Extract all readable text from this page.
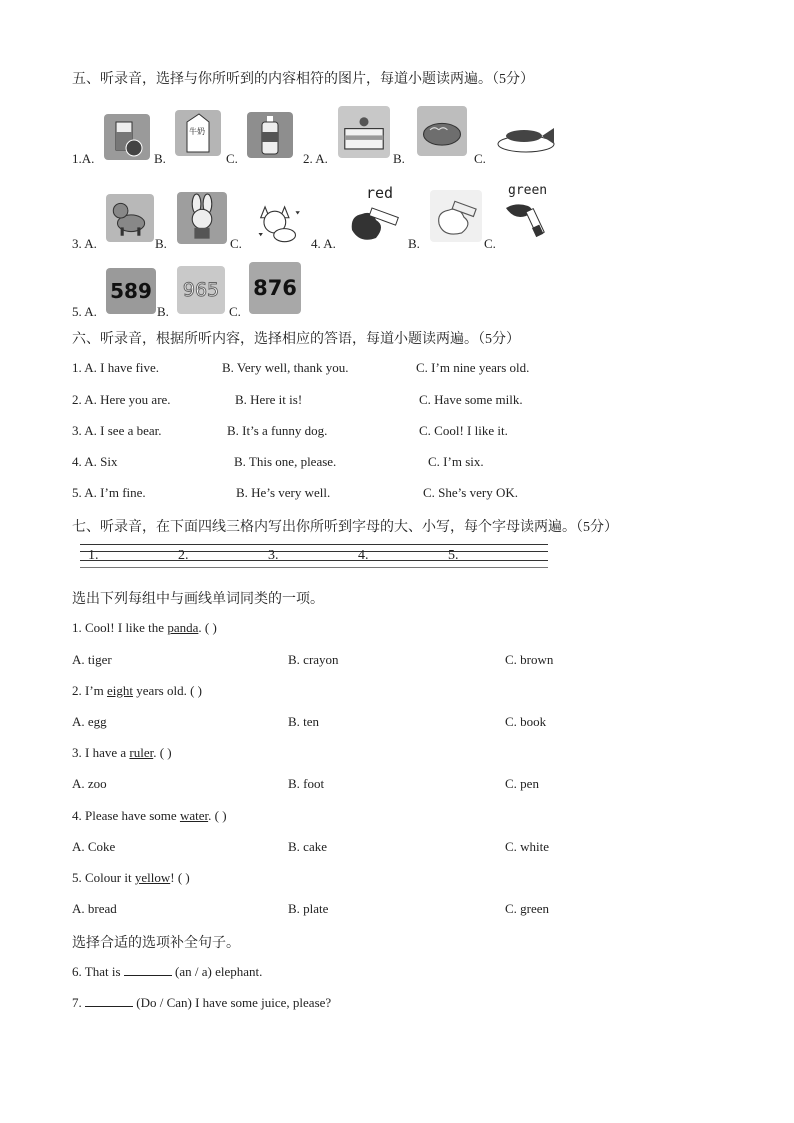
五、听录音，选择与你所听到的内容相符的图片，每道小题读两遍。（5分）
1.A.	B.
牛奶
C.	2. A.	B.	C.
3. A.	B.	C.	4. A.
red
B.	C.
green
5. A.
589
B.
965
C.
876
六、听录音，根据所听内容，选择相应的答语，每道小题读两遍。（5分）
1. A. I have five.	B. Very well, thank you.	C. I’m nine years old.
2. A. Here you are.	B. Here it is!	C. Have some milk.
3. A. I see a bear.	B. It’s a funny dog.	C. Cool! I like it.
4. A. Six	B. This one, please.	C. I’m six.
5. A. I’m fine.	B. He’s very well.	C. She’s very OK.
七、听录音，在下面四线三格内写出你所听到字母的大、小写，每个字母读两遍。（5分）
1.	2.	3.	4.	5.
选出下列每组中与画线单词同类的一项。
1. Cool! I like the panda. ( )
A. tiger	B. crayon	C. brown
2. I’m eight years old. ( )
A. egg	B. ten	C. book
3. I have a ruler. ( )
A. zoo	B. foot	C. pen
4. Please have some water. ( )
A. Coke	B. cake	C. white
5. Colour it yellow! ( )
A. bread	B. plate	C. green
选择合适的选项补全句子。
6. That is	(an / a) elephant.
7.	(Do / Can) I have some juice, please?
